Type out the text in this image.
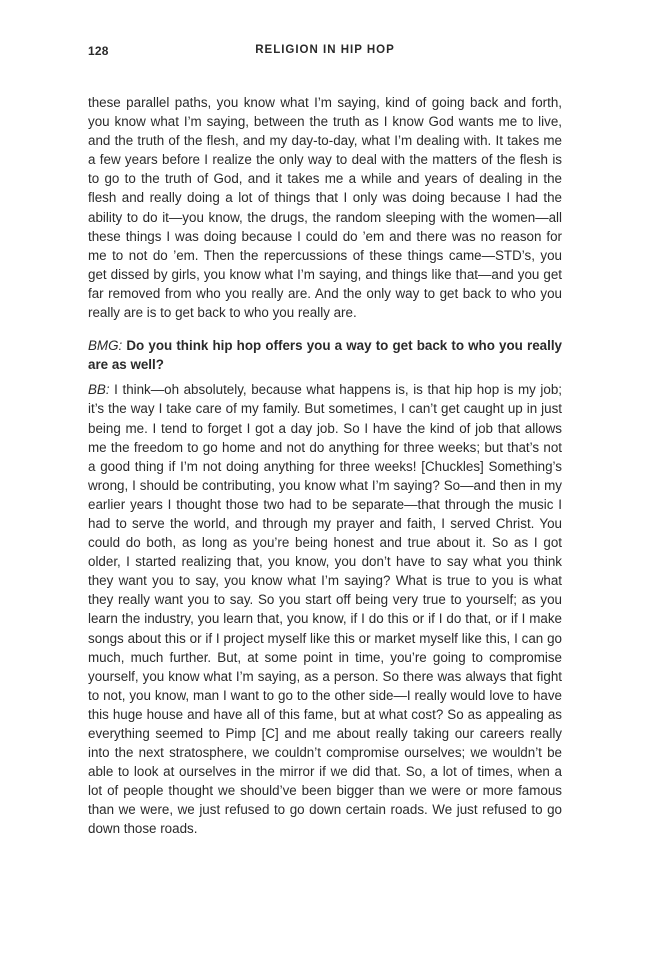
128	RELIGION IN HIP HOP

these parallel paths, you know what I’m saying, kind of going back and forth, you know what I’m saying, between the truth as I know God wants me to live, and the truth of the flesh, and my day-to-day, what I’m dealing with. It takes me a few years before I realize the only way to deal with the matters of the flesh is to go to the truth of God, and it takes me a while and years of dealing in the flesh and really doing a lot of things that I only was doing because I had the ability to do it—you know, the drugs, the random sleeping with the women—all these things I was doing because I could do ’em and there was no reason for me to not do ’em. Then the repercussions of these things came—STD’s, you get dissed by girls, you know what I’m saying, and things like that—and you get far removed from who you really are. And the only way to get back to who you really are is to get back to who you really are.

BMG: Do you think hip hop offers you a way to get back to who you really are as well?

BB: I think—oh absolutely, because what happens is, is that hip hop is my job; it’s the way I take care of my family. But sometimes, I can’t get caught up in just being me. I tend to forget I got a day job. So I have the kind of job that allows me the freedom to go home and not do anything for three weeks; but that’s not a good thing if I’m not doing anything for three weeks! [Chuckles] Something’s wrong, I should be contributing, you know what I’m saying? So—and then in my earlier years I thought those two had to be separate—that through the music I had to serve the world, and through my prayer and faith, I served Christ. You could do both, as long as you’re being honest and true about it. So as I got older, I started realizing that, you know, you don’t have to say what you think they want you to say, you know what I’m saying? What is true to you is what they really want you to say. So you start off being very true to yourself; as you learn the industry, you learn that, you know, if I do this or if I do that, or if I make songs about this or if I project myself like this or market myself like this, I can go much, much further. But, at some point in time, you’re going to compromise yourself, you know what I’m saying, as a person. So there was always that fight to not, you know, man I want to go to the other side—I really would love to have this huge house and have all of this fame, but at what cost? So as appealing as everything seemed to Pimp [C] and me about really taking our careers really into the next stratosphere, we couldn’t compromise ourselves; we wouldn’t be able to look at ourselves in the mirror if we did that. So, a lot of times, when a lot of people thought we should’ve been bigger than we were or more famous than we were, we just refused to go down certain roads. We just refused to go down those roads.
